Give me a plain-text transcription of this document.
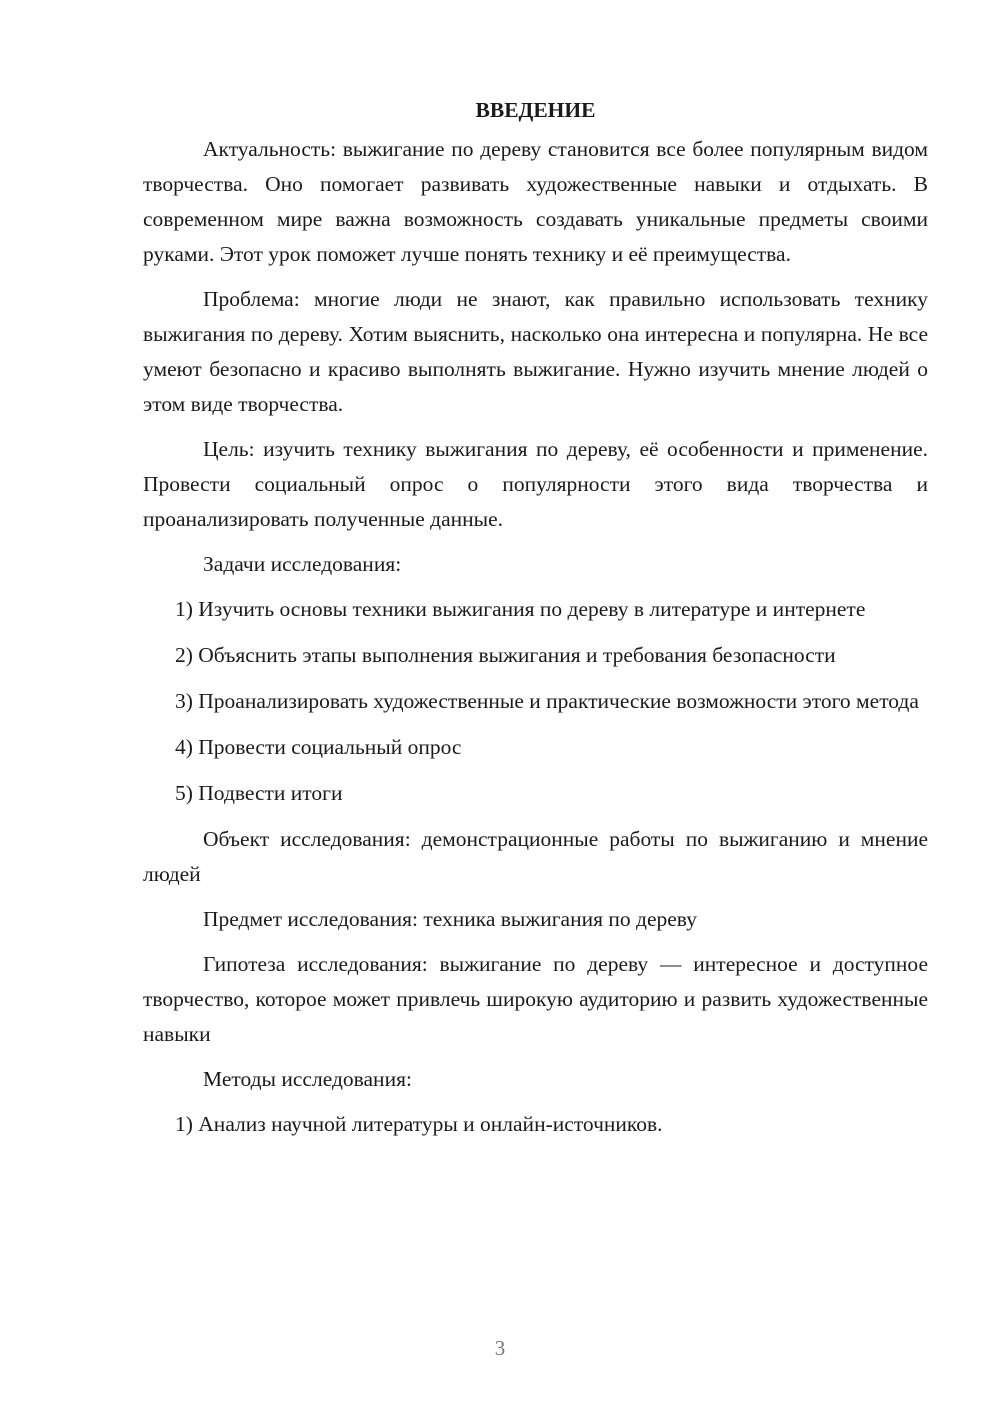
ВВЕДЕНИЕ

Актуальность: выжигание по дереву становится все более популярным видом творчества. Оно помогает развивать художественные навыки и отдыхать. В современном мире важна возможность создавать уникальные предметы своими руками. Этот урок поможет лучше понять технику и её преимущества.

Проблема: многие люди не знают, как правильно использовать технику выжигания по дереву. Хотим выяснить, насколько она интересна и популярна. Не все умеют безопасно и красиво выполнять выжигание. Нужно изучить мнение людей о этом виде творчества.

Цель: изучить технику выжигания по дереву, её особенности и применение. Провести социальный опрос о популярности этого вида творчества и проанализировать полученные данные.

Задачи исследования:

1) Изучить основы техники выжигания по дереву в литературе и интернете

2) Объяснить этапы выполнения выжигания и требования безопасности

3) Проанализировать художественные и практические возможности этого метода

4) Провести социальный опрос

5) Подвести итоги

Объект исследования: демонстрационные работы по выжиганию и мнение людей

Предмет исследования: техника выжигания по дереву

Гипотеза исследования: выжигание по дереву — интересное и доступное творчество, которое может привлечь широкую аудиторию и развить художественные навыки

Методы исследования:

1) Анализ научной литературы и онлайн-источников.

3
